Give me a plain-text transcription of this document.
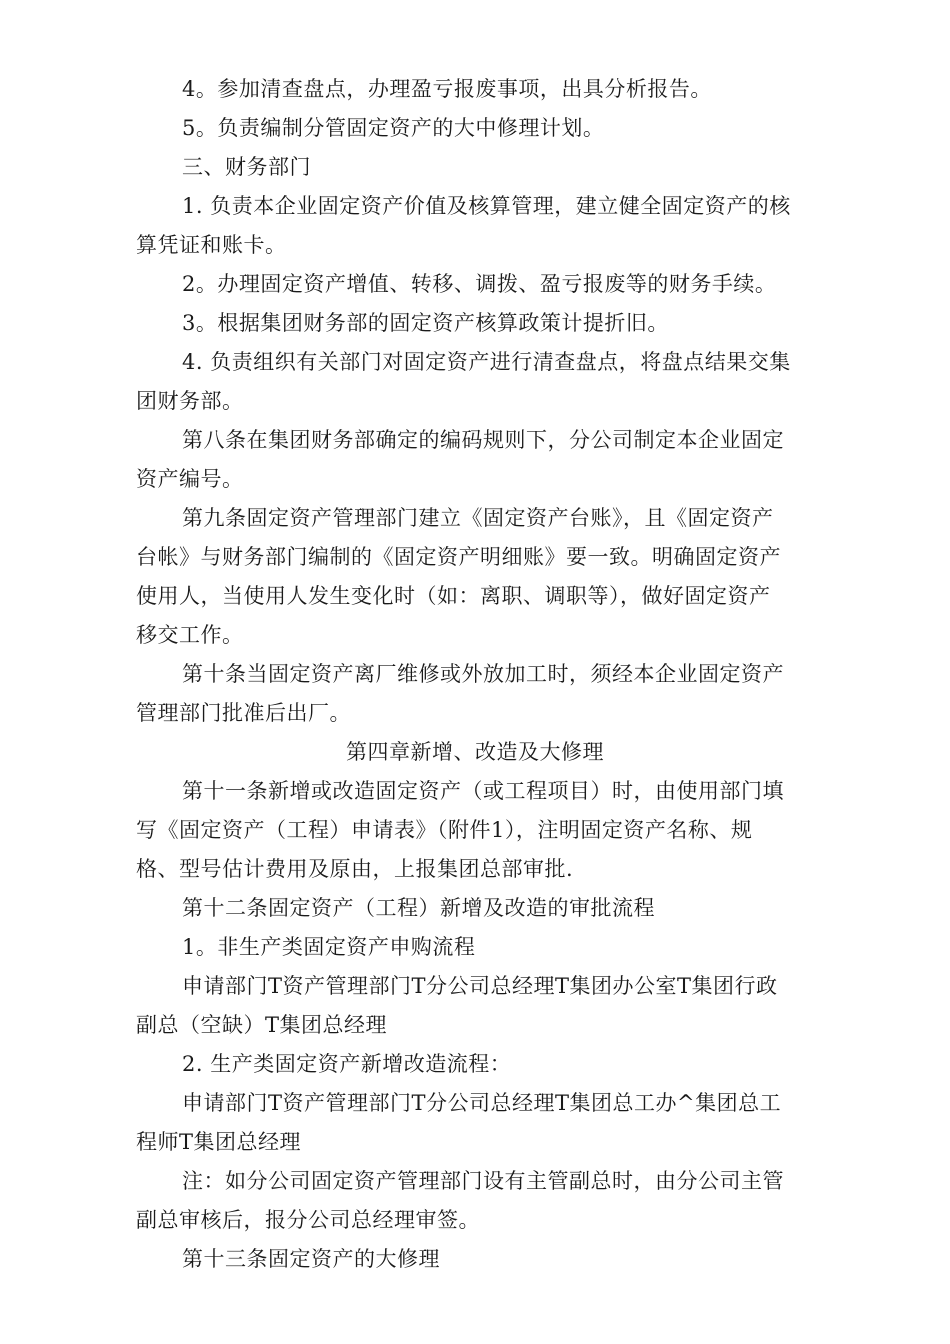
4。参加清查盘点，办理盈亏报废事项，出具分析报告。
5。负责编制分管固定资产的大中修理计划。
三、财务部门
1. 负责本企业固定资产价值及核算管理，建立健全固定资产的核
算凭证和账卡。
2。办理固定资产增值、转移、调拨、盈亏报废等的财务手续。
3。根据集团财务部的固定资产核算政策计提折旧。
4. 负责组织有关部门对固定资产进行清查盘点，将盘点结果交集
团财务部。
第八条在集团财务部确定的编码规则下，分公司制定本企业固定
资产编号。
第九条固定资产管理部门建立《固定资产台账》，且《固定资产
台帐》与财务部门编制的《固定资产明细账》要一致。明确固定资产
使用人，当使用人发生变化时（如：离职、调职等），做好固定资产
移交工作。
第十条当固定资产离厂维修或外放加工时，须经本企业固定资产
管理部门批准后出厂。
第四章新增、改造及大修理
第十一条新增或改造固定资产（或工程项目）时，由使用部门填
写《固定资产（工程）申请表》（附件1），注明固定资产名称、规
格、型号估计费用及原由，上报集团总部审批.
第十二条固定资产（工程）新增及改造的审批流程
1。非生产类固定资产申购流程
申请部门T资产管理部门T分公司总经理T集团办公室T集团行政
副总（空缺）T集团总经理
2. 生产类固定资产新增改造流程：
申请部门T资产管理部门T分公司总经理T集团总工办^集团总工
程师T集团总经理
注：如分公司固定资产管理部门设有主管副总时，由分公司主管
副总审核后，报分公司总经理审签。
第十三条固定资产的大修理
